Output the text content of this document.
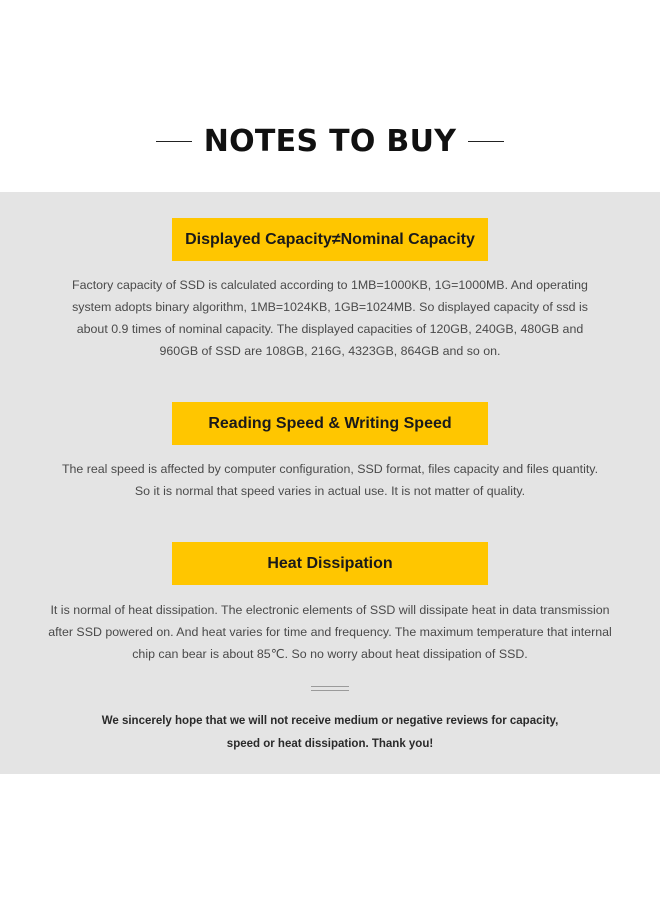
NOTES TO BUY
Displayed Capacity≠Nominal Capacity
Factory capacity of SSD is calculated according to 1MB=1000KB, 1G=1000MB. And operating
system adopts binary algorithm, 1MB=1024KB, 1GB=1024MB. So displayed capacity of ssd is
about 0.9 times of nominal capacity. The displayed capacities of 120GB, 240GB, 480GB and
960GB of SSD are 108GB, 216G, 4323GB, 864GB and so on.
Reading Speed & Writing Speed
The real speed is affected by computer configuration, SSD format, files capacity and files quantity.
So it is normal that speed varies in actual use. It is not matter of quality.
Heat Dissipation
It is normal of heat dissipation. The electronic elements of SSD will dissipate heat in data transmission
after SSD powered on. And heat varies for time and frequency. The maximum temperature that internal
chip can bear is about 85℃. So no worry about heat dissipation of SSD.
We sincerely hope that we will not receive medium or negative reviews for capacity,
speed or heat dissipation. Thank you!
